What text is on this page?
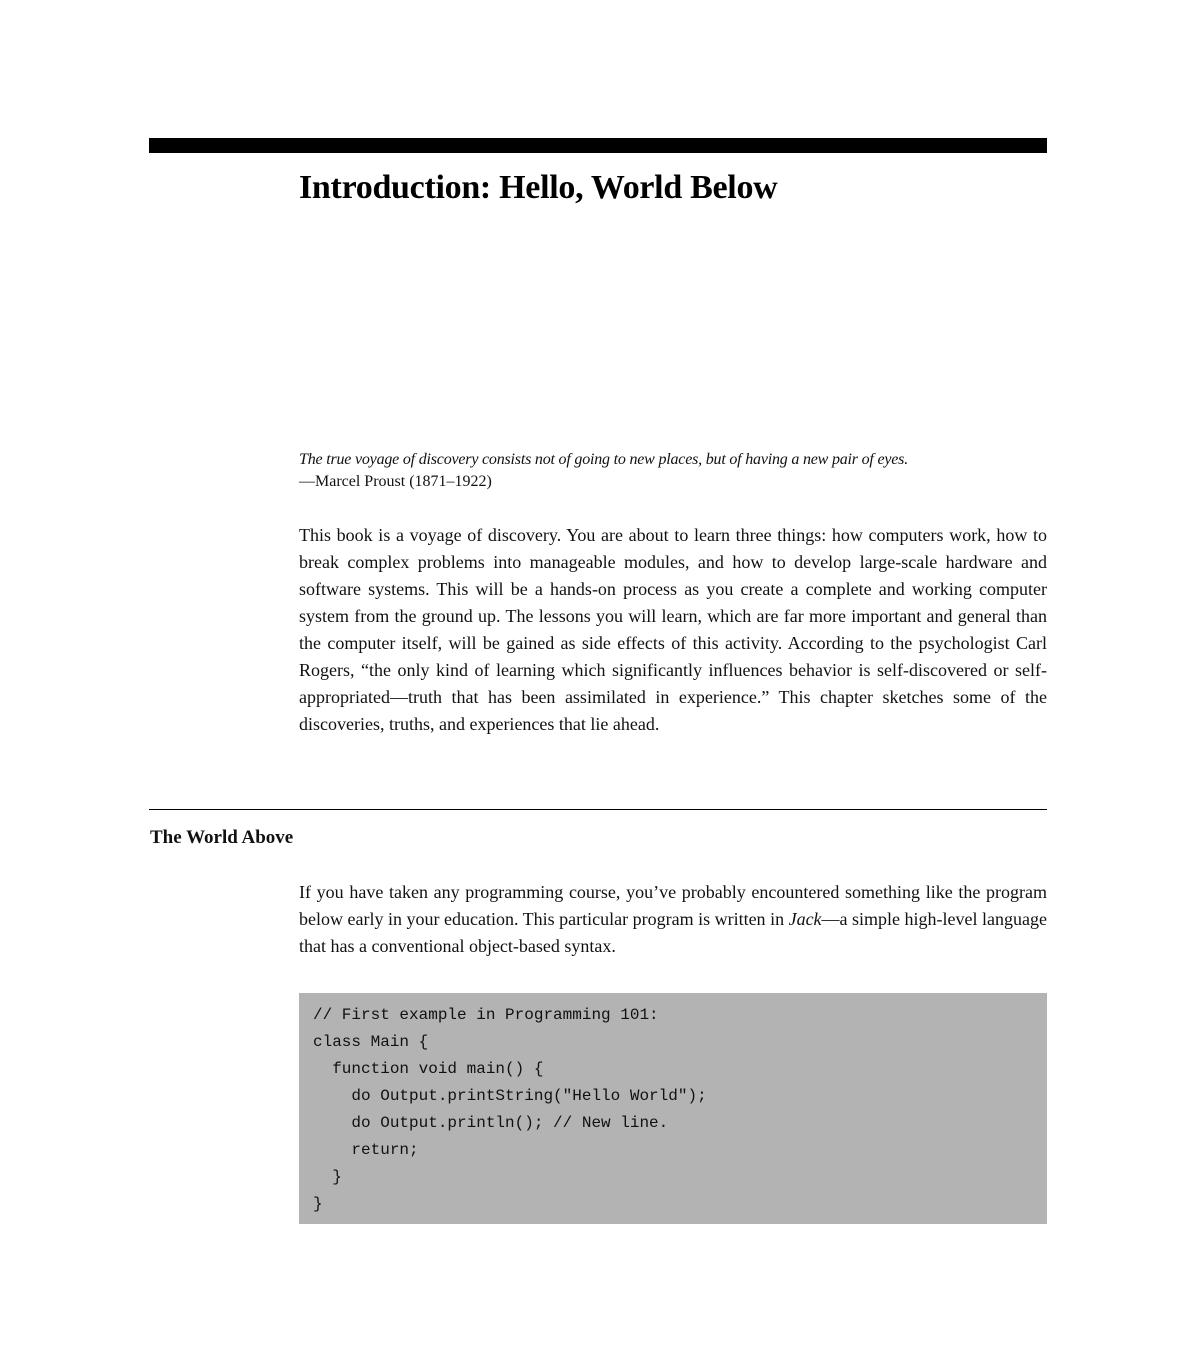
Introduction: Hello, World Below
The true voyage of discovery consists not of going to new places, but of having a new pair of eyes.
—Marcel Proust (1871–1922)

This book is a voyage of discovery. You are about to learn three things: how computers work, how to break complex problems into manageable modules, and how to develop large-scale hardware and software systems. This will be a hands-on process as you create a complete and working computer system from the ground up. The lessons you will learn, which are far more important and general than the computer itself, will be gained as side effects of this activity. According to the psychologist Carl Rogers, “the only kind of learning which significantly influences behavior is self-discovered or self-appropriated—truth that has been assimilated in experience.” This chapter sketches some of the discoveries, truths, and experiences that lie ahead.

The World Above

If you have taken any programming course, you’ve probably encountered something like the program below early in your education. This particular program is written in Jack—a simple high-level language that has a conventional object-based syntax.

// First example in Programming 101:
class Main {
function void main() {
do Output.printString("Hello World");
do Output.println(); // New line.
return;
}
}
